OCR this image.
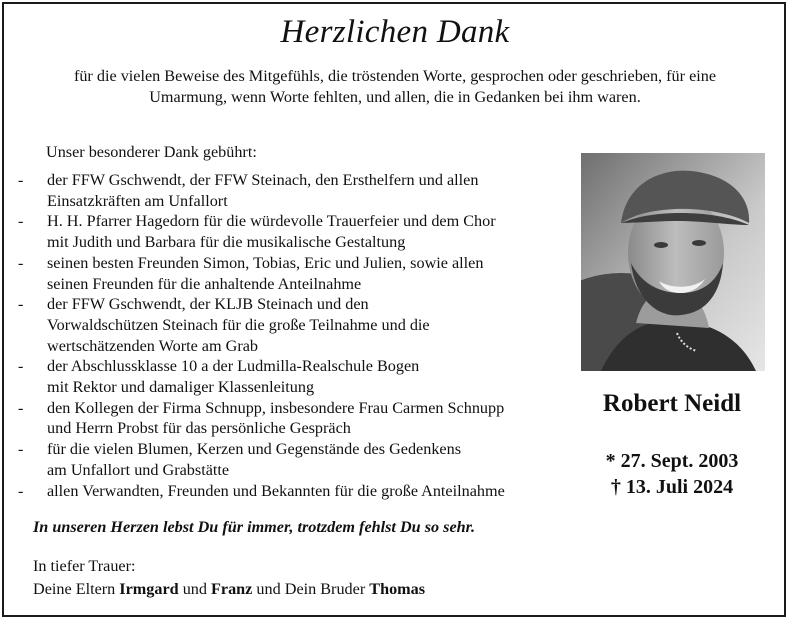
Herzlichen Dank
für die vielen Beweise des Mitgefühls, die tröstenden Worte, gesprochen oder geschrieben, für eine
Umarmung, wenn Worte fehlten, und allen, die in Gedanken bei ihm waren.
Unser besonderer Dank gebührt:
-	der FFW Gschwendt, der FFW Steinach, den Ersthelfern und allen
Einsatzkräften am Unfallort
-	H. H. Pfarrer Hagedorn für die würdevolle Trauerfeier und dem Chor
mit Judith und Barbara für die musikalische Gestaltung
-	seinen besten Freunden Simon, Tobias, Eric und Julien, sowie allen
seinen Freunden für die anhaltende Anteilnahme
-	der FFW Gschwendt, der KLJB Steinach und den
Vorwaldschützen Steinach für die große Teilnahme und die
wertschätzenden Worte am Grab
-	der Abschlussklasse 10 a der Ludmilla-Realschule Bogen
mit Rektor und damaliger Klassenleitung
-	den Kollegen der Firma Schnupp, insbesondere Frau Carmen Schnupp
und Herrn Probst für das persönliche Gespräch
-	für die vielen Blumen, Kerzen und Gegenstände des Gedenkens
am Unfallort und Grabstätte
-	allen Verwandten, Freunden und Bekannten für die große Anteilnahme
Robert Neidl
* 27. Sept. 2003
† 13. Juli 2024
In unseren Herzen lebst Du für immer, trotzdem fehlst Du so sehr.
In tiefer Trauer:
Deine Eltern Irmgard und Franz und Dein Bruder Thomas
